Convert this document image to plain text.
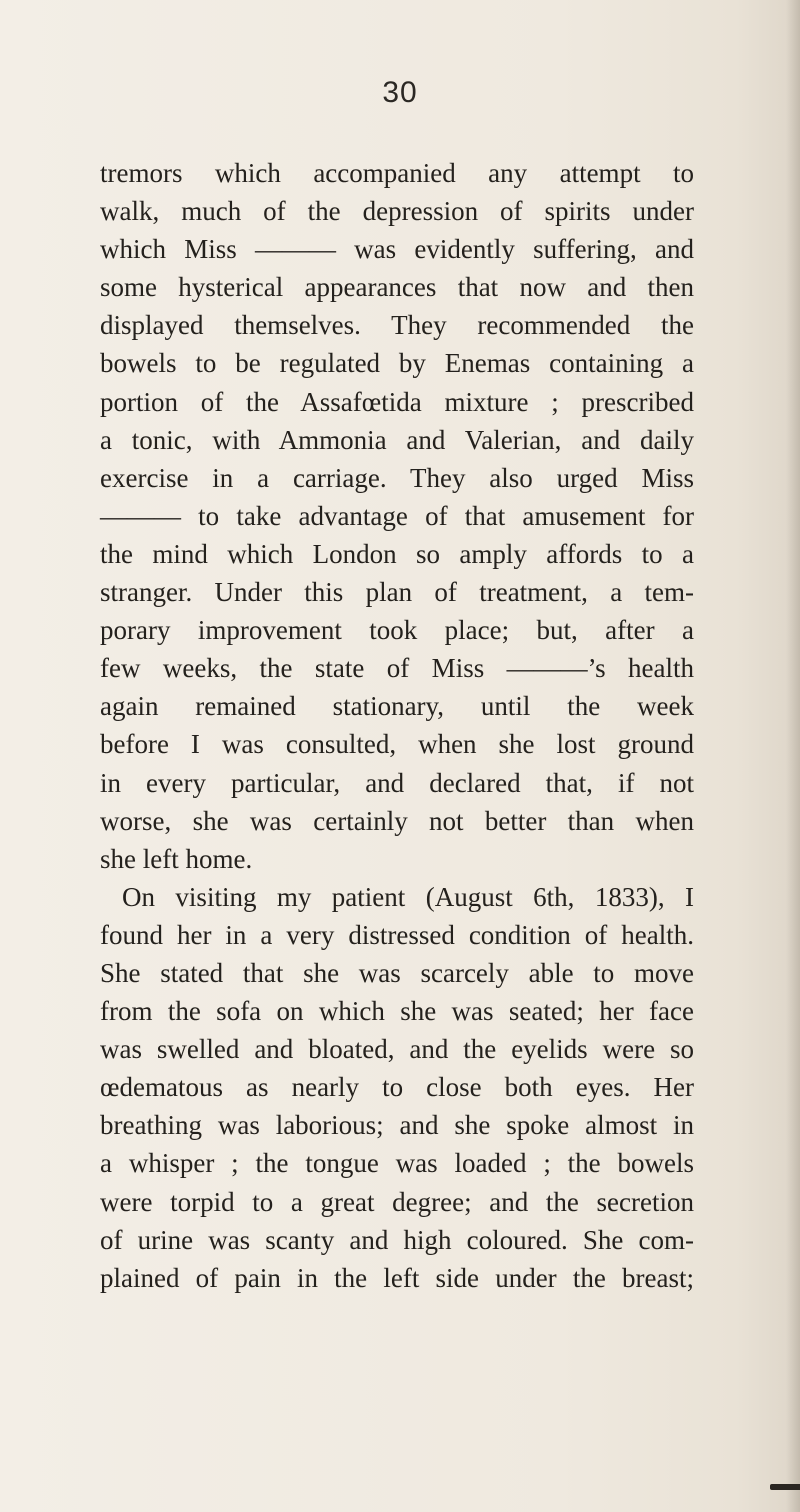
30
tremors which accompanied any attempt to
walk, much of the depression of spirits under
which Miss ——— was evidently suffering, and
some hysterical appearances that now and then
displayed themselves. They recommended the
bowels to be regulated by Enemas containing a
portion of the Assafœtida mixture ; prescribed
a tonic, with Ammonia and Valerian, and daily
exercise in a carriage. They also urged Miss
——— to take advantage of that amusement for
the mind which London so amply affords to a
stranger. Under this plan of treatment, a tem-
porary improvement took place; but, after a
few weeks, the state of Miss ———’s health
again remained stationary, until the week
before I was consulted, when she lost ground
in every particular, and declared that, if not
worse, she was certainly not better than when
she left home.
On visiting my patient (August 6th, 1833), I
found her in a very distressed condition of health.
She stated that she was scarcely able to move
from the sofa on which she was seated; her face
was swelled and bloated, and the eyelids were so
œdematous as nearly to close both eyes. Her
breathing was laborious; and she spoke almost in
a whisper ; the tongue was loaded ; the bowels
were torpid to a great degree; and the secretion
of urine was scanty and high coloured. She com-
plained of pain in the left side under the breast;
